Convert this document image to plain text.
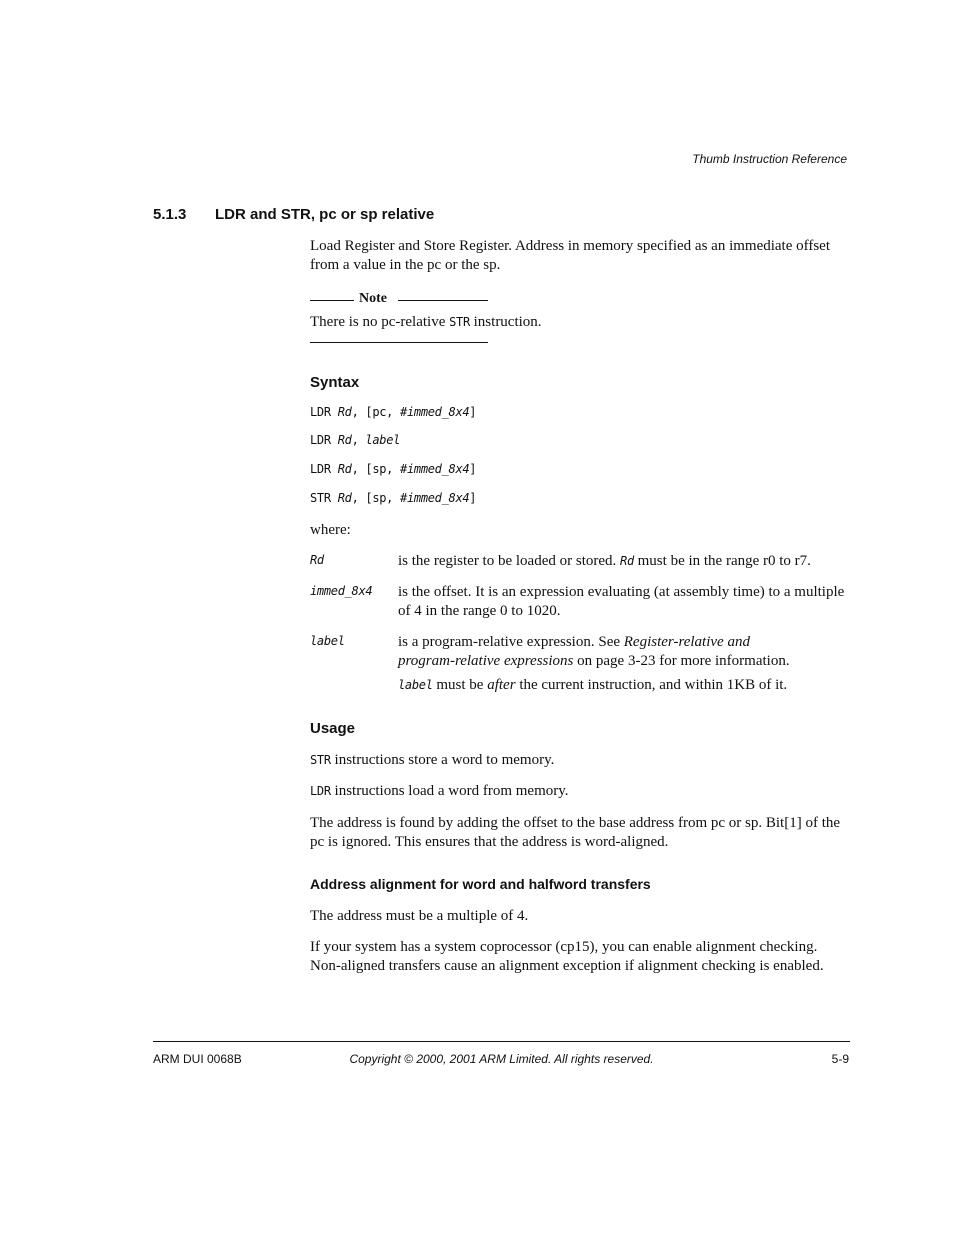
Thumb Instruction Reference
5.1.3 LDR and STR, pc or sp relative
Load Register and Store Register. Address in memory specified as an immediate offset
from a value in the pc or the sp.
Note
There is no pc-relative STR instruction.
Syntax
LDR Rd, [pc, #immed_8x4]
LDR Rd, label
LDR Rd, [sp, #immed_8x4]
STR Rd, [sp, #immed_8x4]
where:
Rd	is the register to be loaded or stored. Rd must be in the range r0 to r7.
immed_8x4 is the offset. It is an expression evaluating (at assembly time) to a multiple
of 4 in the range 0 to 1020.
label	is a program-relative expression. See Register-relative and
program-relative expressions on page 3-23 for more information.
label must be after the current instruction, and within 1KB of it.
Usage
STR instructions store a word to memory.
LDR instructions load a word from memory.
The address is found by adding the offset to the base address from pc or sp. Bit[1] of the
pc is ignored. This ensures that the address is word-aligned.
Address alignment for word and halfword transfers
The address must be a multiple of 4.
If your system has a system coprocessor (cp15), you can enable alignment checking.
Non-aligned transfers cause an alignment exception if alignment checking is enabled.
ARM DUI 0068B	Copyright © 2000, 2001 ARM Limited. All rights reserved.	5-9
